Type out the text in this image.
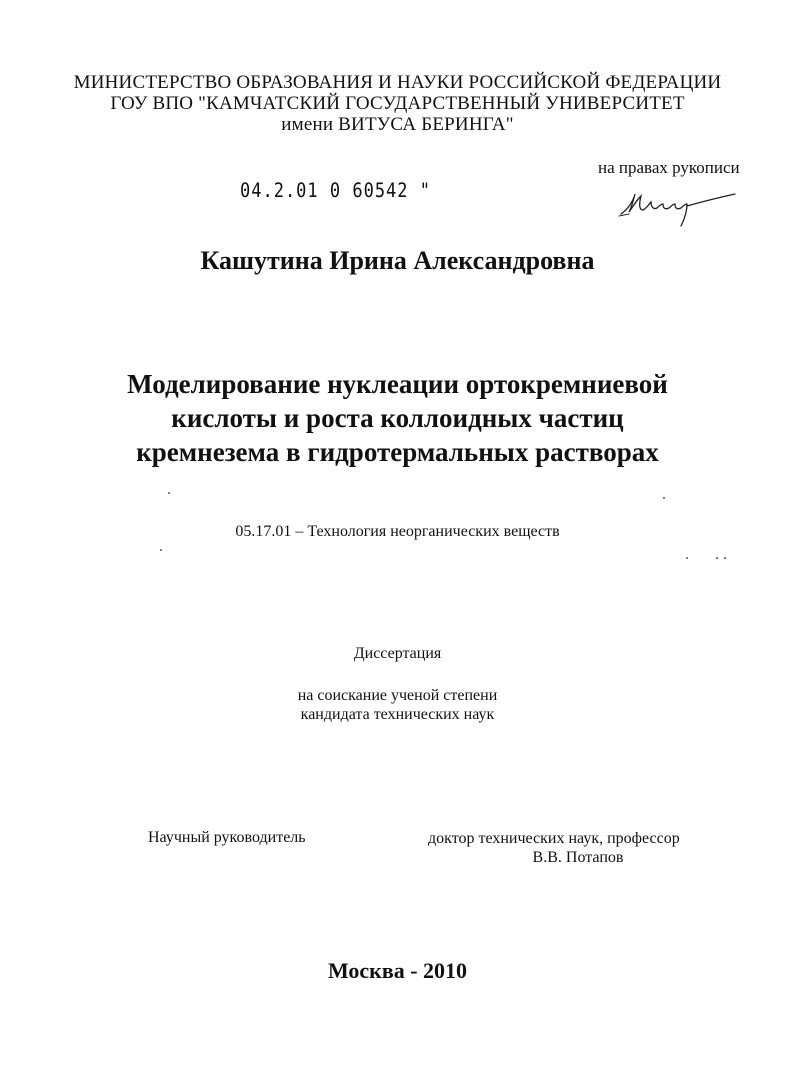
МИНИСТЕРСТВО ОБРАЗОВАНИЯ И НАУКИ РОССИЙСКОЙ ФЕДЕРАЦИИ
ГОУ ВПО "КАМЧАТСКИЙ ГОСУДАРСТВЕННЫЙ УНИВЕРСИТЕТ
имени ВИТУСА БЕРИНГА"
на правах рукописи
04.2.01 0 60542 "
Кашутина Ирина Александровна
Моделирование нуклеации ортокремниевой
кислоты и роста коллоидных частиц
кремнезема в гидротермальных растворах
05.17.01 – Технология неорганических веществ
Диссертация
на соискание ученой степени
кандидата технических наук
Научный руководитель	доктор технических наук, профессор
В.В. Потапов
Москва - 2010
